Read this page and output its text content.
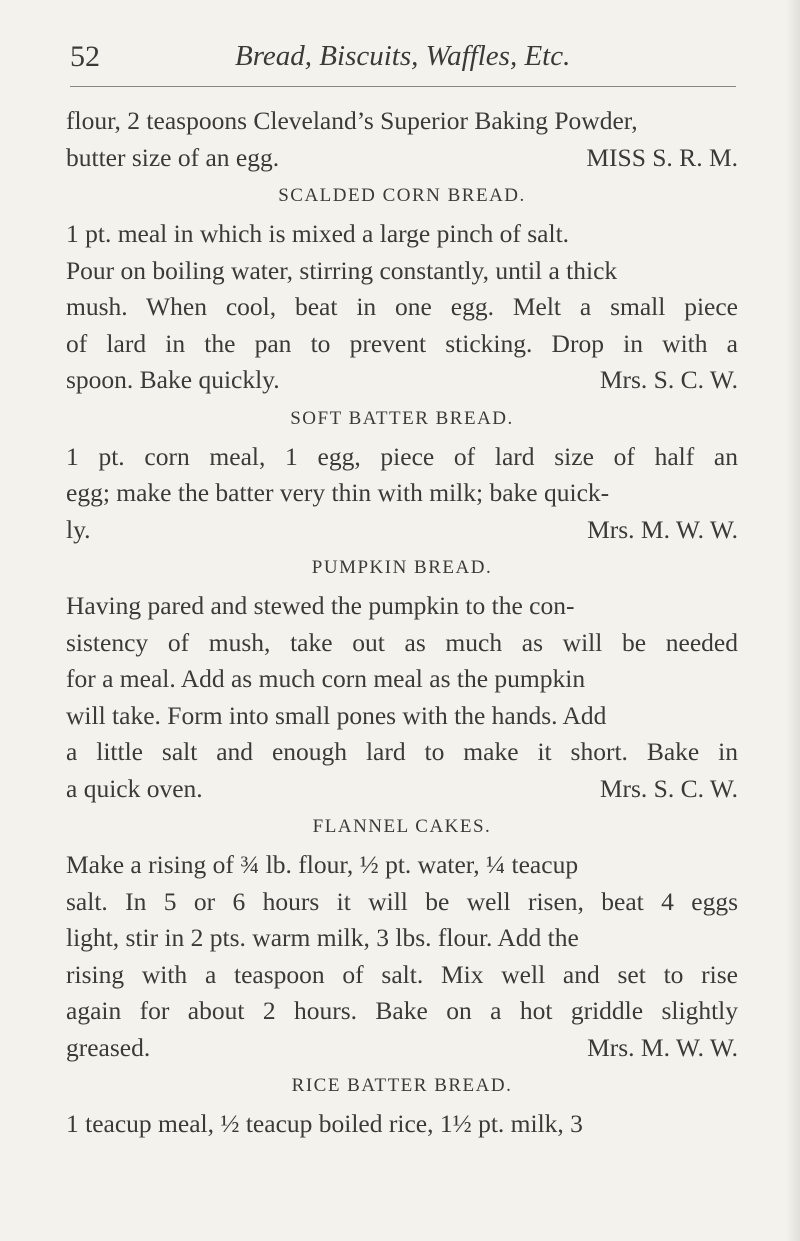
52	Bread, Biscuits, Waffles, Etc.
flour, 2 teaspoons Cleveland’s Superior Baking Powder,
butter size of an egg.	MISS S. R. M.
SCALDED CORN BREAD.
1 pt. meal in which is mixed a large pinch of salt.
Pour on boiling water, stirring constantly, until a thick
mush. When cool, beat in one egg. Melt a small piece
of lard in the pan to prevent sticking. Drop in with a
spoon. Bake quickly.	Mrs. S. C. W.
SOFT BATTER BREAD.
1 pt. corn meal, 1 egg, piece of lard size of half an
egg; make the batter very thin with milk; bake quick-
ly.	Mrs. M. W. W.
PUMPKIN BREAD.
Having pared and stewed the pumpkin to the con-
sistency of mush, take out as much as will be needed
for a meal. Add as much corn meal as the pumpkin
will take. Form into small pones with the hands. Add
a little salt and enough lard to make it short. Bake in
a quick oven.	Mrs. S. C. W.
FLANNEL CAKES.
Make a rising of ¾ lb. flour, ½ pt. water, ¼ teacup
salt. In 5 or 6 hours it will be well risen, beat 4 eggs
light, stir in 2 pts. warm milk, 3 lbs. flour. Add the
rising with a teaspoon of salt. Mix well and set to rise
again for about 2 hours. Bake on a hot griddle slightly
greased.	Mrs. M. W. W.
RICE BATTER BREAD.
1 teacup meal, ½ teacup boiled rice, 1½ pt. milk, 3
